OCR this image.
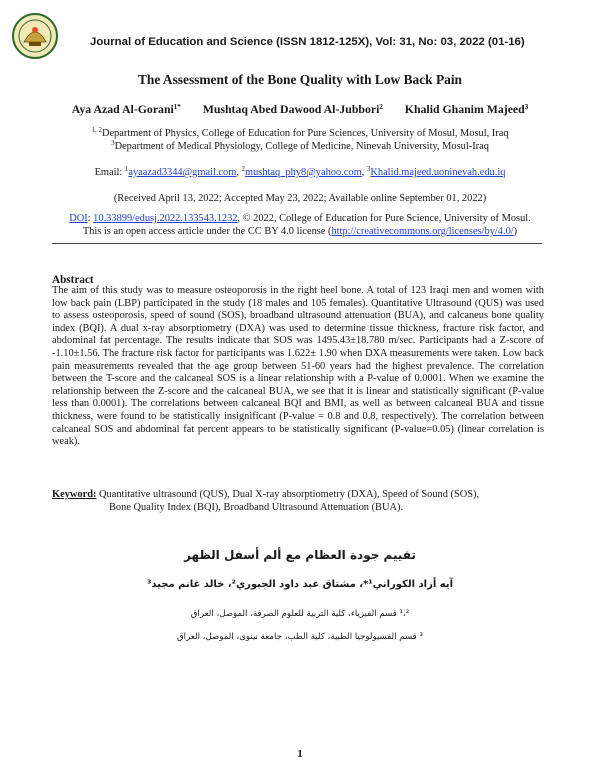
Journal of Education and Science (ISSN 1812-125X), Vol: 31, No: 03, 2022 (01-16)
The Assessment of the Bone Quality with Low Back Pain
Aya Azad Al-Gorani$^{1*}$ Mushtaq Abed Dawood Al-Jubbori$^2$ Khalid Ghanim Majeed$^3$
$^{1, 2}$Department of Physics, College of Education for Pure Sciences, University of Mosul, Mosul, Iraq
$^3$Department of Medical Physiology, College of Medicine, Ninevah University, Mosul-Iraq
Email: $^1$ayaazad3344@gmail.com, $^2$mushtaq_phy8@yahoo.com, $^3$Khalid.majeed.uoninevah.edu.iq
(Received April 13, 2022; Accepted May 23, 2022; Available online September 01, 2022)
DOI: 10.33899/edusj.2022.133543.1232, © 2022, College of Education for Pure Science, University of Mosul.
This is an open access article under the CC BY 4.0 license (http://creativecommons.org/licenses/by/4.0/)
Abstract
The aim of this study was to measure osteoporosis in the right heel bone. A total of 123 Iraqi men and women with low back pain (LBP) participated in the study (18 males and 105 females). Quantitative Ultrasound (QUS) was used to assess osteoporosis, speed of sound (SOS), broadband ultrasound attenuation (BUA), and calcaneus bone quality index (BQI). A dual x-ray absorptiometry (DXA) was used to determine tissue thickness, fracture risk factor, and abdominal fat percentage. The results indicate that SOS was 1495.43±18.780 m/sec. Participants had a Z-score of -1.10±1.56. The fracture risk factor for participants was 1.622± 1.90 when DXA measurements were taken. Low back pain measurements revealed that the age group between 51-60 years had the highest prevalence. The correlation between the T-score and the calcaneal SOS is a linear relationship with a P-value of 0.0001. When we examine the relationship between the Z-score and the calcaneal BUA, we see that it is linear and statistically significant (P-value less than 0.0001). The correlations between calcaneal BQI and BMI, as well as between calcaneal BUA and tissue thickness, were found to be statistically insignificant (P-value = 0.8 and 0.8, respectively). The correlation between calcaneal SOS and abdominal fat percent appears to be statistically significant (P-value=0.05) (linear correlation is weak).
Keyword: Quantitative ultrasound (QUS), Dual X-ray absorptiometry (DXA), Speed of Sound (SOS),
Bone Quality Index (BQI), Broadband Ultrasound Attenuation (BUA).
تقييم جودة العظام مع ألم أسفل الظهر
آيه أزاد الكوراني¹*، مشتاق عبد داود الجبوري²، خالد غانم مجيد³
¹،² قسم الفيزياء، كلية التربية للعلوم الصرفة، الموصل، العراق
³ قسم الفسيولوجيا الطبية، كلية الطب، جامعة نينوى، الموصل، العراق
1
